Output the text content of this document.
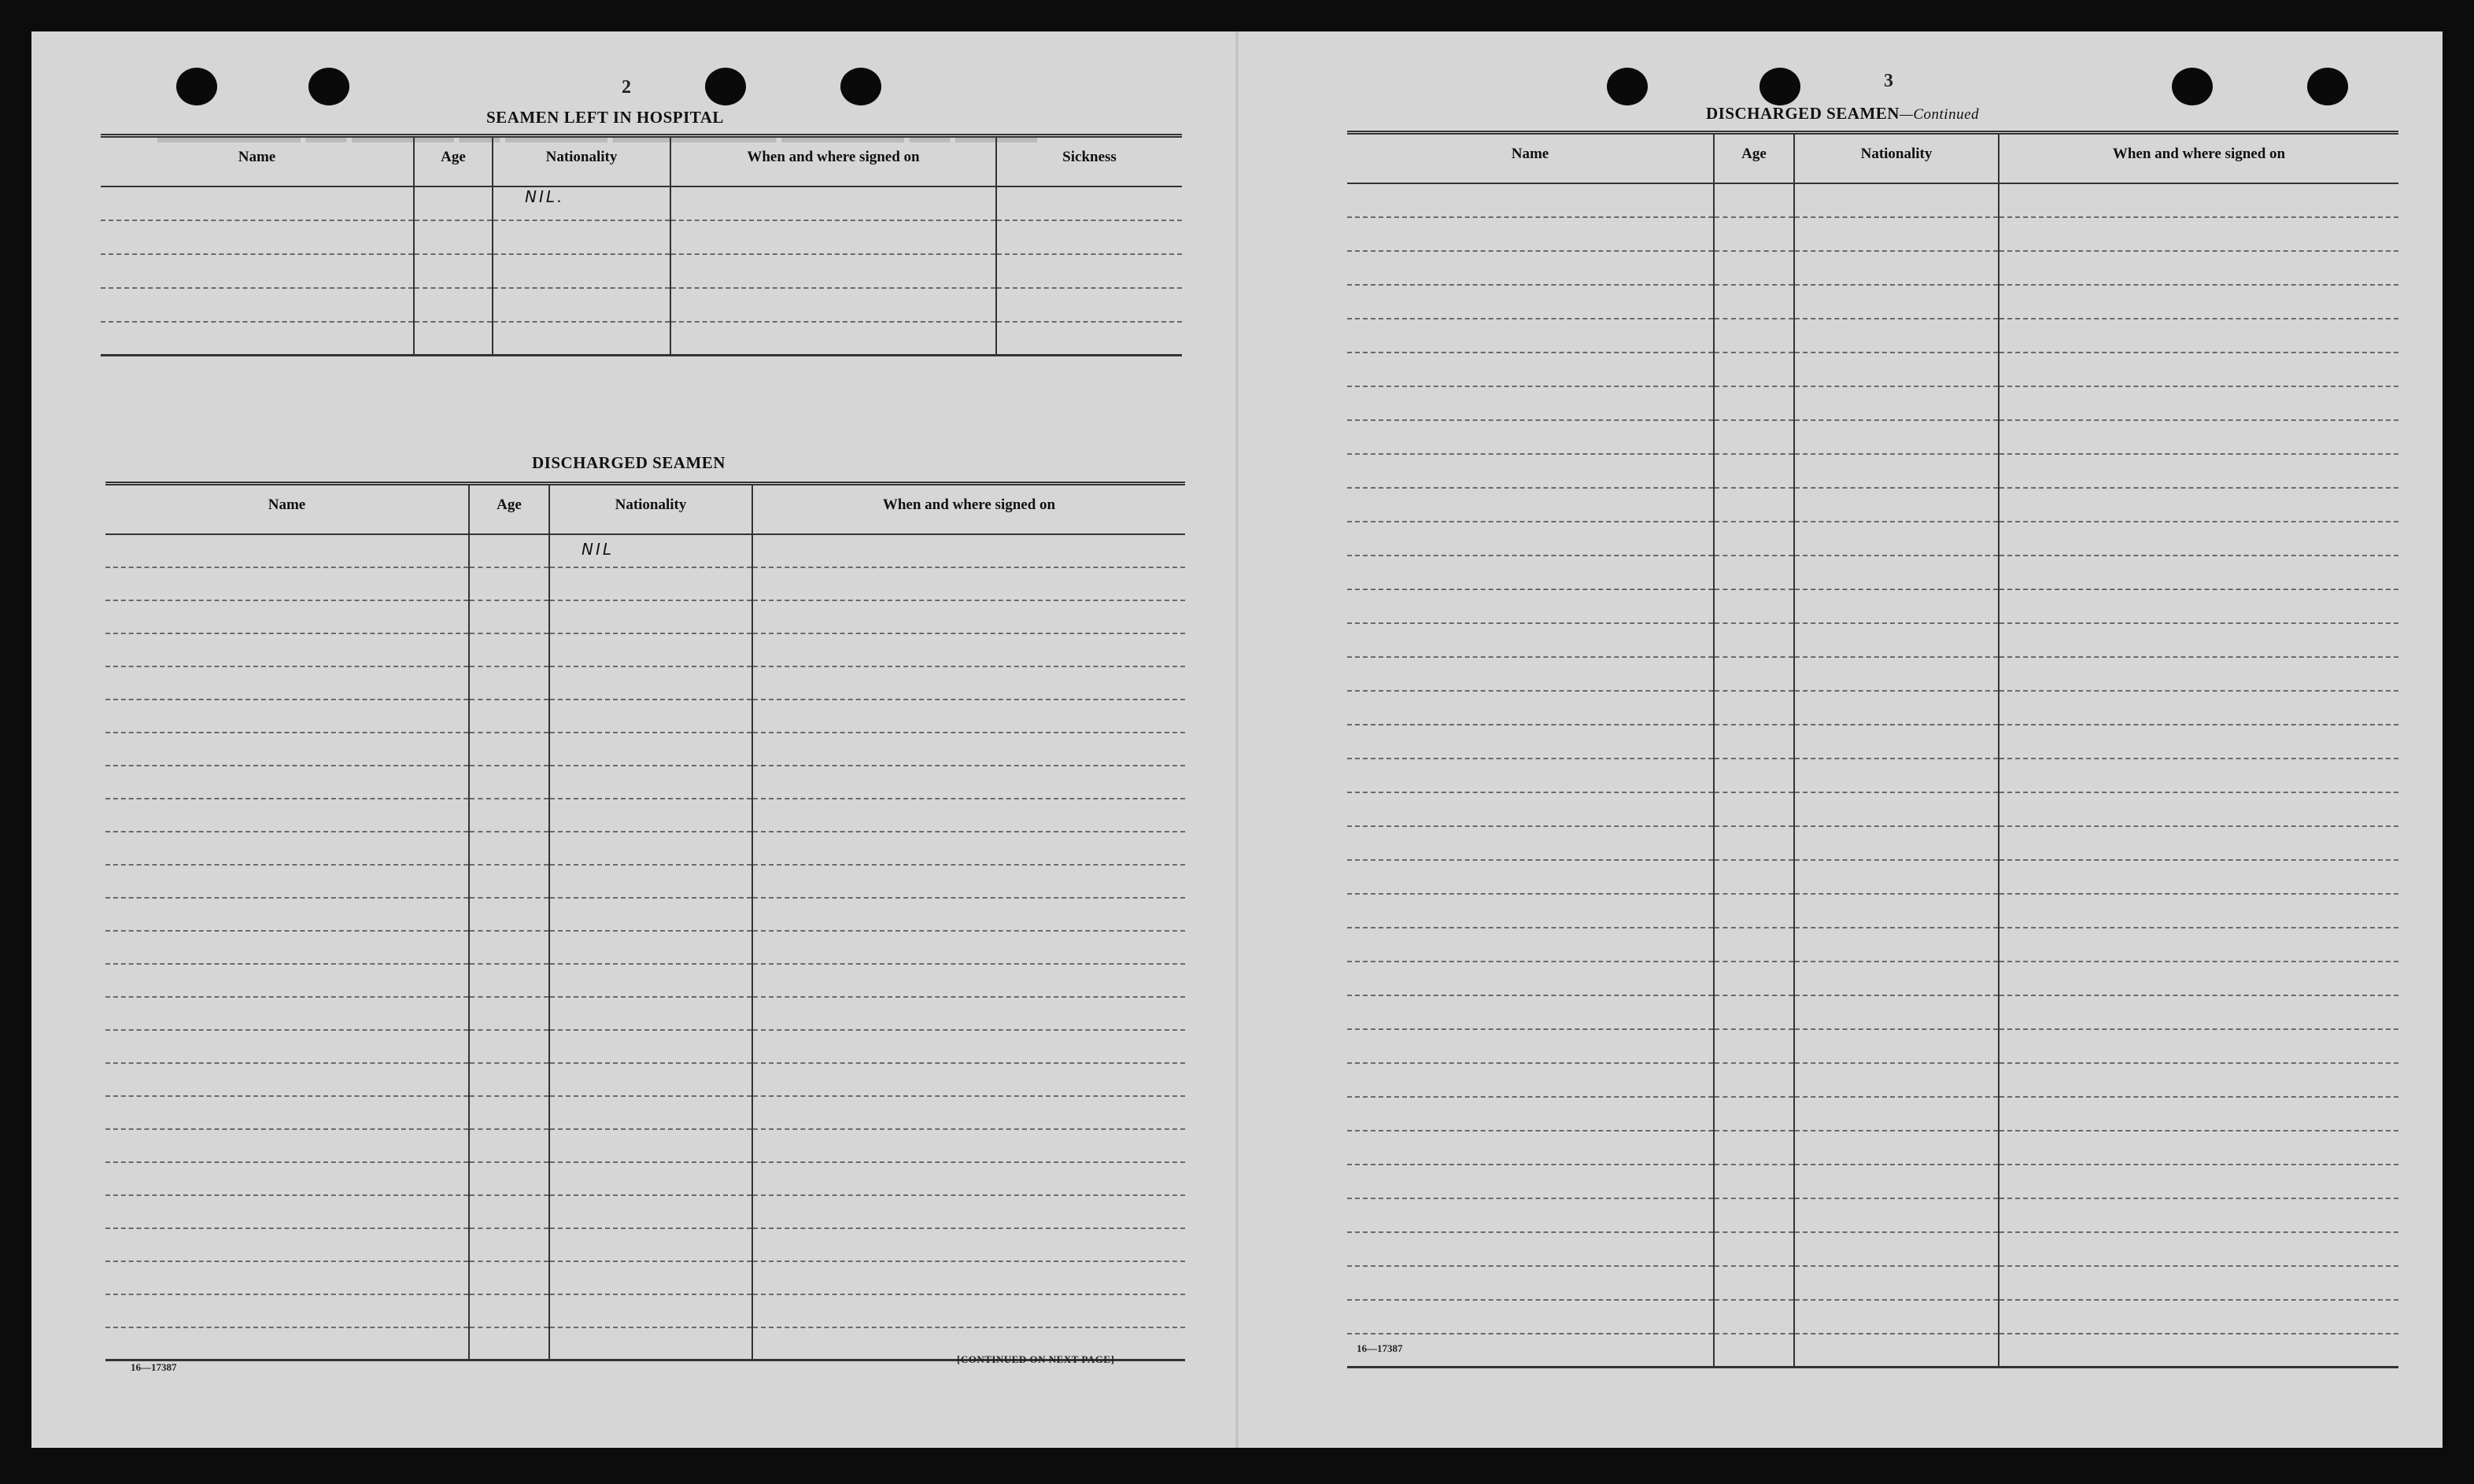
▬▬▬▬▬▬▬ ▬▬ ▬▬▬▬▬ ▬▬ ▬▬▬▬▬ ▬▬▬▬▬▬▬▬ ▬▬▬▬▬▬ ▬▬ ▬▬▬▬
2
SEAMEN LEFT IN HOSPITAL
Name	Age	Nationality	When and where signed on	Sickness

		NIL.		

DISCHARGED SEAMEN
Name	Age	Nationality	When and where signed on

		NIL	

16—17387
[CONTINUED ON NEXT PAGE]
3
DISCHARGED SEAMEN—Continued
Name	Age	Nationality	When and where signed on

16—17387
